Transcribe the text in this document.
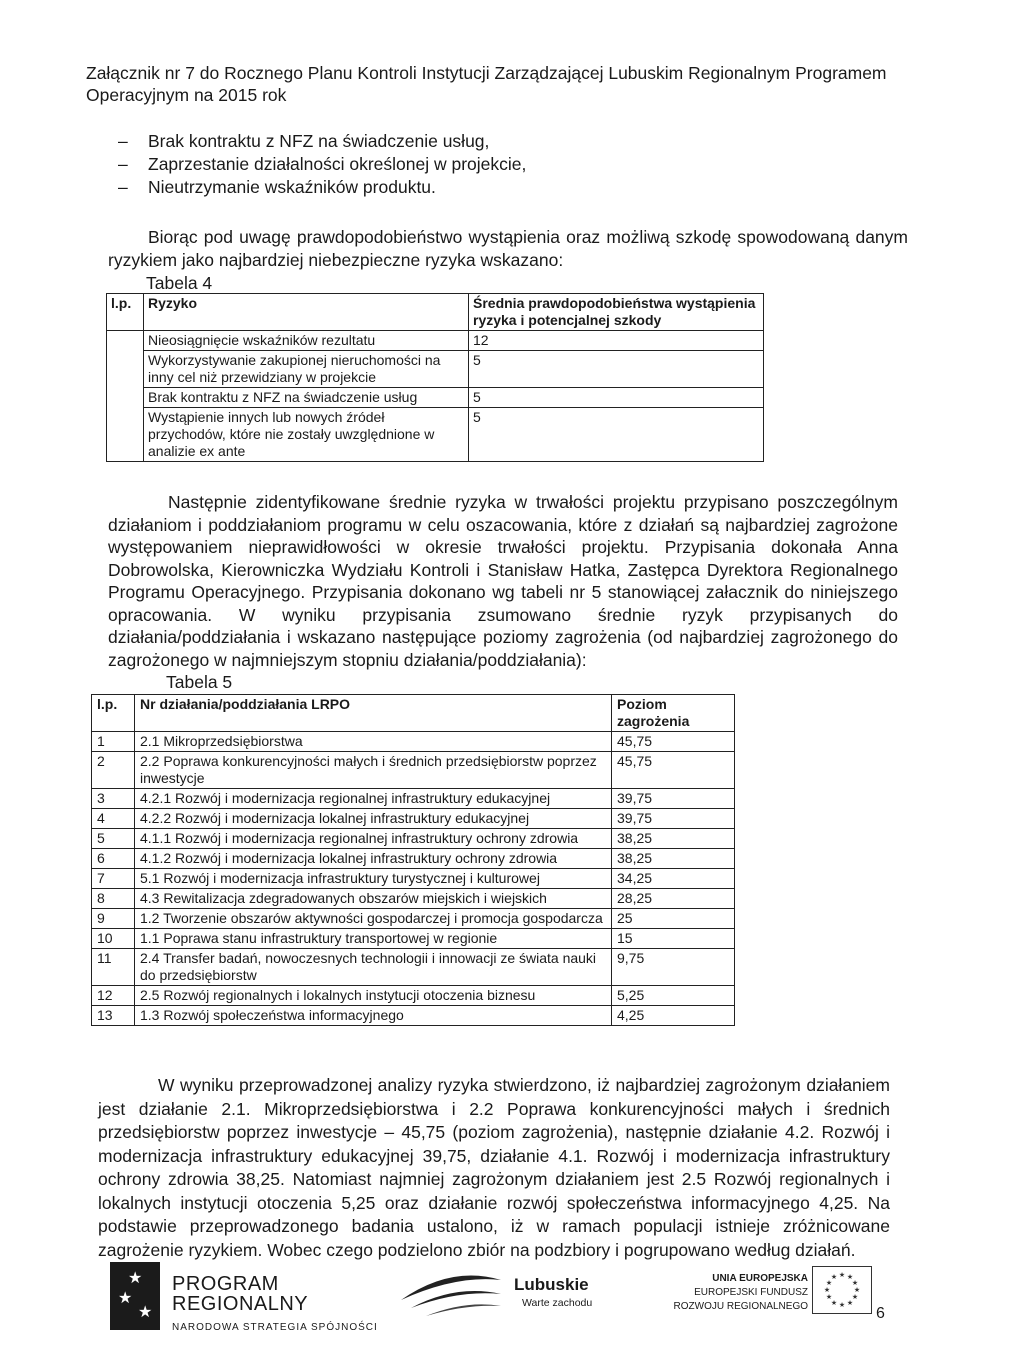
Załącznik nr 7 do Rocznego Planu Kontroli Instytucji Zarządzającej Lubuskim Regionalnym Programem
Operacyjnym na 2015 rok
–	Brak kontraktu z NFZ na świadczenie usług,
–	Zaprzestanie działalności określonej w projekcie,
–	Nieutrzymanie wskaźników produktu.
Biorąc pod uwagę prawdopodobieństwo wystąpienia oraz możliwą szkodę spowodowaną danym ryzykiem jako najbardziej niebezpieczne ryzyka wskazano:
Tabela 4
l.p.	Ryzyko	Średnia prawdopodobieństwa wystąpienia ryzyka i potencjalnej szkody
	Nieosiągnięcie wskaźników rezultatu	12
	Wykorzystywanie zakupionej nieruchomości na inny cel niż przewidziany w projekcie	5
	Brak kontraktu z NFZ na świadczenie usług	5
	Wystąpienie innych lub nowych źródeł przychodów, które nie zostały uwzględnione w analizie ex ante	5
Następnie zidentyfikowane średnie ryzyka w trwałości projektu przypisano poszczególnym działaniom i poddziałaniom programu w celu oszacowania, które z działań są najbardziej zagrożone występowaniem nieprawidłowości w okresie trwałości projektu. Przypisania dokonała Anna Dobrowolska, Kierowniczka Wydziału Kontroli i Stanisław Hatka, Zastępca Dyrektora Regionalnego Programu Operacyjnego. Przypisania dokonano wg tabeli nr 5 stanowiącej załacznik do niniejszego opracowania. W wyniku przypisania zsumowano średnie ryzyk przypisanych do działania/poddziałania i wskazano następujące poziomy zagrożenia (od najbardziej zagrożonego do zagrożonego w najmniejszym stopniu działania/poddziałania):
Tabela 5
l.p.	Nr działania/poddziałania LRPO	Poziom zagrożenia
1	2.1 Mikroprzedsiębiorstwa	45,75
2	2.2 Poprawa konkurencyjności małych i średnich przedsiębiorstw poprzez inwestycje	45,75
3	4.2.1 Rozwój i modernizacja regionalnej infrastruktury edukacyjnej	39,75
4	4.2.2 Rozwój i modernizacja lokalnej infrastruktury edukacyjnej	39,75
5	4.1.1 Rozwój i modernizacja regionalnej infrastruktury ochrony zdrowia	38,25
6	4.1.2 Rozwój i modernizacja lokalnej infrastruktury ochrony zdrowia	38,25
7	5.1 Rozwój i modernizacja infrastruktury turystycznej i kulturowej	34,25
8	4.3 Rewitalizacja zdegradowanych obszarów miejskich i wiejskich	28,25
9	1.2 Tworzenie obszarów aktywności gospodarczej i promocja gospodarcza	25
10	1.1 Poprawa stanu infrastruktury transportowej w regionie	15
11	2.4 Transfer badań, nowoczesnych technologii i innowacji ze świata nauki do przedsiębiorstw	9,75
12	2.5 Rozwój regionalnych i lokalnych instytucji otoczenia biznesu	5,25
13	1.3 Rozwój społeczeństwa informacyjnego	4,25
W wyniku przeprowadzonej analizy ryzyka stwierdzono, iż najbardziej zagrożonym działaniem jest działanie 2.1. Mikroprzedsiębiorstwa i 2.2 Poprawa konkurencyjności małych i średnich przedsiębiorstw poprzez inwestycje – 45,75 (poziom zagrożenia), następnie działanie 4.2. Rozwój i modernizacja infrastruktury edukacyjnej 39,75, działanie 4.1. Rozwój i modernizacja infrastruktury ochrony zdrowia 38,25. Natomiast najmniej zagrożonym działaniem jest 2.5 Rozwój regionalnych i lokalnych instytucji otoczenia 5,25 oraz działanie rozwój społeczeństwa informacyjnego 4,25. Na podstawie przeprowadzonego badania ustalono, iż w ramach populacji istnieje zróżnicowane zagrożenie ryzykiem. Wobec czego podzielono zbiór na podzbiory i pogrupowano według działań.
★
★
★
PROGRAM
REGIONALNY
NARODOWA STRATEGIA SPÓJNOŚCI
Lubuskie
Warte zachodu
UNIA EUROPEJSKA
EUROPEJSKI FUNDUSZ
ROZWOJU REGIONALNEGO
★ ★
★
★
★
★
★
★
★
★
★
★
6
